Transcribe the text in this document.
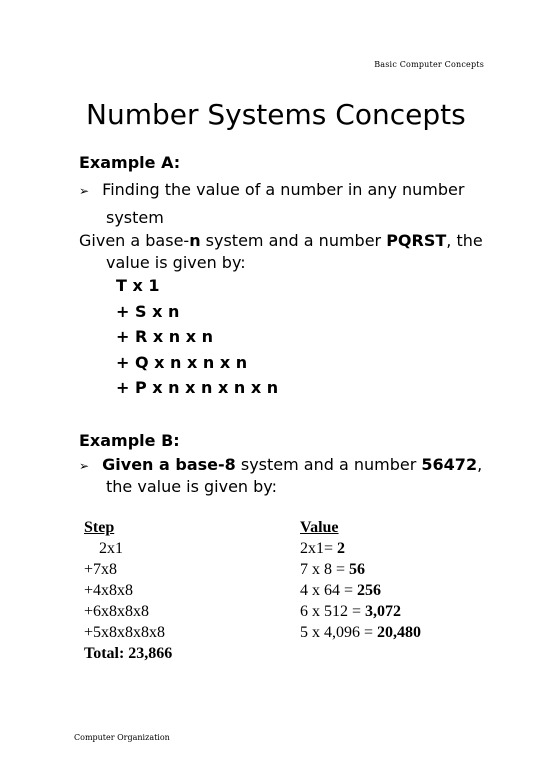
Basic Computer Concepts
Number Systems Concepts
Example A:
➢ Finding the value of a number in any number
system
Given a base-n system and a number PQRST, the
value is given by:
T x 1
+ S x n
+ R x n x n
+ Q x n x n x n
+ P x n x n x n x n
Example B:
➢ Given a base-8 system and a number 56472,
the value is given by:
Step
2x1
+7x8
+4x8x8
+6x8x8x8
+5x8x8x8x8
Total: 23,866
Value
2x1= 2
7 x 8 = 56
4 x 64 = 256
6 x 512 = 3,072
5 x 4,096 = 20,480
Computer Organization
